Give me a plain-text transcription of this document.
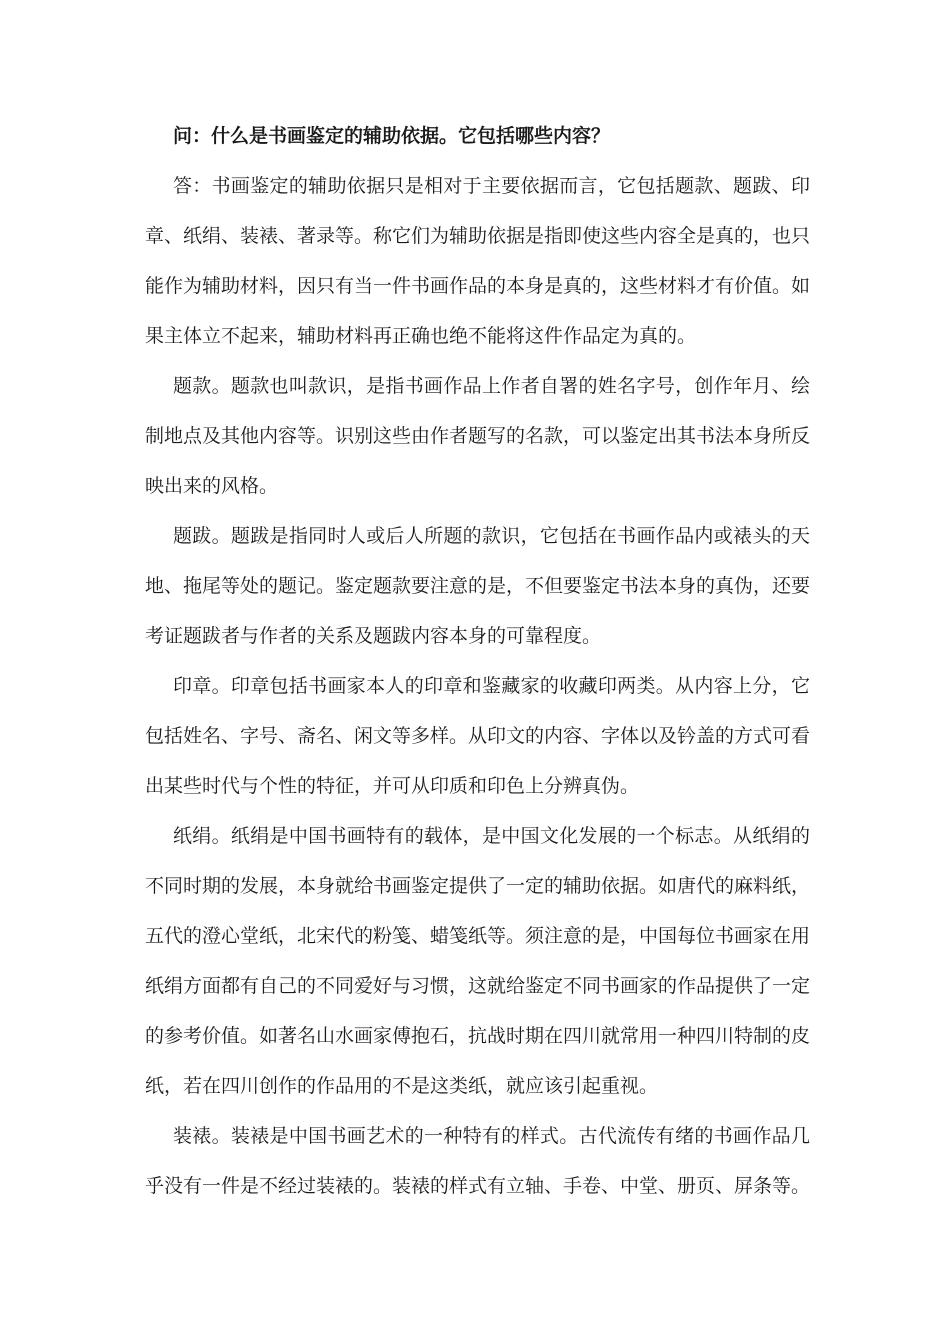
问：什么是书画鉴定的辅助依据。它包括哪些内容？

答：书画鉴定的辅助依据只是相对于主要依据而言，它包括题款、题跋、印章、纸绢、装裱、著录等。称它们为辅助依据是指即使这些内容全是真的，也只能作为辅助材料，因只有当一件书画作品的本身是真的，这些材料才有价值。如果主体立不起来，辅助材料再正确也绝不能将这件作品定为真的。

题款。题款也叫款识，是指书画作品上作者自署的姓名字号，创作年月、绘制地点及其他内容等。识别这些由作者题写的名款，可以鉴定出其书法本身所反映出来的风格。

题跋。题跋是指同时人或后人所题的款识，它包括在书画作品内或裱头的天地、拖尾等处的题记。鉴定题款要注意的是，不但要鉴定书法本身的真伪，还要考证题跋者与作者的关系及题跋内容本身的可靠程度。

印章。印章包括书画家本人的印章和鉴藏家的收藏印两类。从内容上分，它包括姓名、字号、斋名、闲文等多样。从印文的内容、字体以及钤盖的方式可看出某些时代与个性的特征，并可从印质和印色上分辨真伪。

纸绢。纸绢是中国书画特有的载体，是中国文化发展的一个标志。从纸绢的不同时期的发展，本身就给书画鉴定提供了一定的辅助依据。如唐代的麻料纸，五代的澄心堂纸，北宋代的粉笺、蜡笺纸等。须注意的是，中国每位书画家在用纸绢方面都有自己的不同爱好与习惯，这就给鉴定不同书画家的作品提供了一定的参考价值。如著名山水画家傅抱石，抗战时期在四川就常用一种四川特制的皮纸，若在四川创作的作品用的不是这类纸，就应该引起重视。

装裱。装裱是中国书画艺术的一种特有的样式。古代流传有绪的书画作品几乎没有一件是不经过装裱的。装裱的样式有立轴、手卷、中堂、册页、屏条等。
